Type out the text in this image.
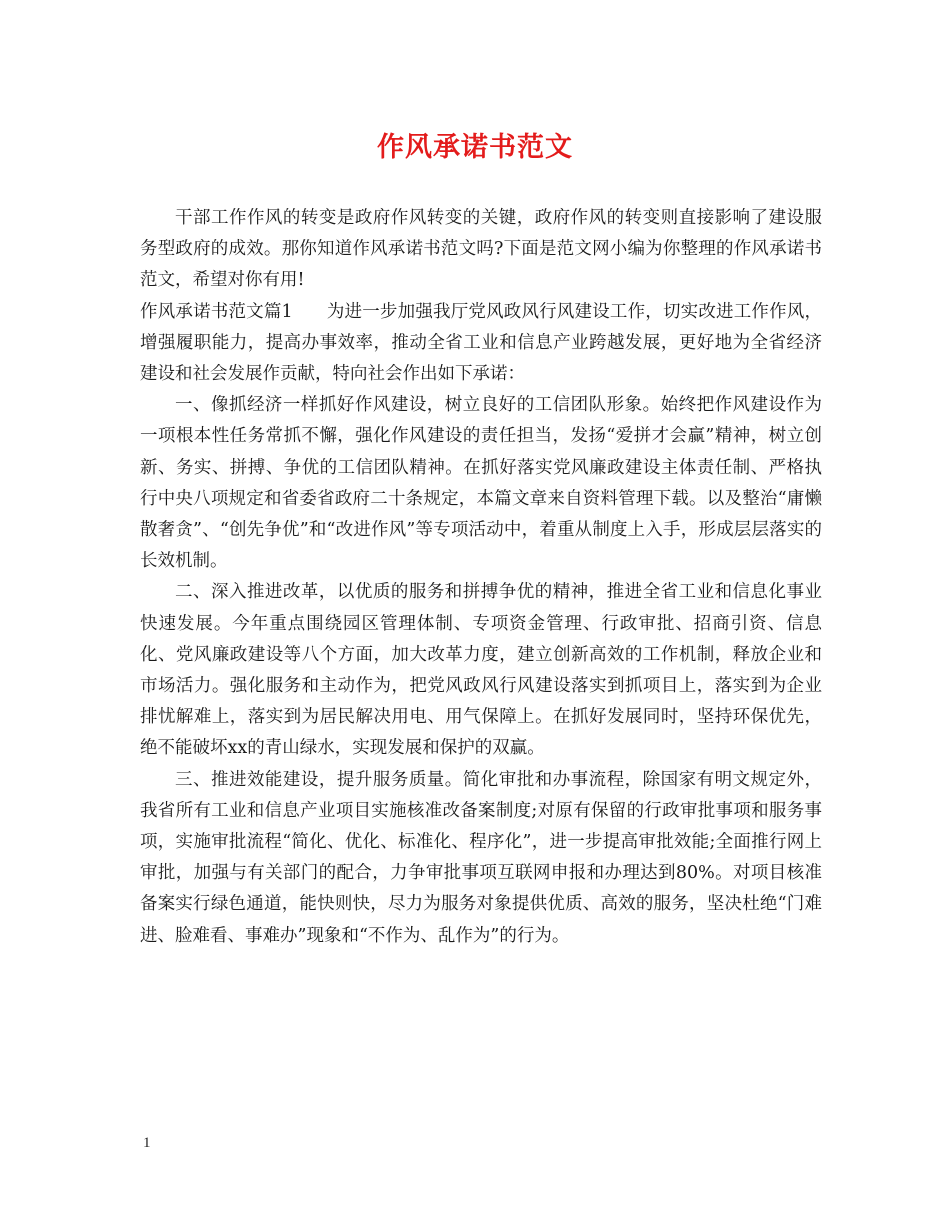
作风承诺书范文

干部工作作风的转变是政府作风转变的关键，政府作风的转变则直接影响了建设服务型政府的成效。那你知道作风承诺书范文吗?下面是范文网小编为你整理的作风承诺书范文，希望对你有用!

作风承诺书范文篇1 为进一步加强我厅党风政风行风建设工作，切实改进工作作风，增强履职能力，提高办事效率，推动全省工业和信息产业跨越发展，更好地为全省经济建设和社会发展作贡献，特向社会作出如下承诺：

一、像抓经济一样抓好作风建设，树立良好的工信团队形象。始终把作风建设作为一项根本性任务常抓不懈，强化作风建设的责任担当，发扬“爱拼才会赢”精神，树立创新、务实、拼搏、争优的工信团队精神。在抓好落实党风廉政建设主体责任制、严格执行中央八项规定和省委省政府二十条规定，本篇文章来自资料管理下载。以及整治“庸懒散奢贪”、“创先争优”和“改进作风”等专项活动中，着重从制度上入手，形成层层落实的长效机制。

二、深入推进改革，以优质的服务和拼搏争优的精神，推进全省工业和信息化事业快速发展。今年重点围绕园区管理体制、专项资金管理、行政审批、招商引资、信息化、党风廉政建设等八个方面，加大改革力度，建立创新高效的工作机制，释放企业和市场活力。强化服务和主动作为，把党风政风行风建设落实到抓项目上，落实到为企业排忧解难上，落实到为居民解决用电、用气保障上。在抓好发展同时，坚持环保优先，绝不能破坏xx的青山绿水，实现发展和保护的双赢。

三、推进效能建设，提升服务质量。简化审批和办事流程，除国家有明文规定外，我省所有工业和信息产业项目实施核准改备案制度;对原有保留的行政审批事项和服务事项，实施审批流程“简化、优化、标准化、程序化”，进一步提高审批效能;全面推行网上审批，加强与有关部门的配合，力争审批事项互联网申报和办理达到80%。对项目核准备案实行绿色通道，能快则快，尽力为服务对象提供优质、高效的服务，坚决杜绝“门难进、脸难看、事难办”现象和“不作为、乱作为”的行为。

1
